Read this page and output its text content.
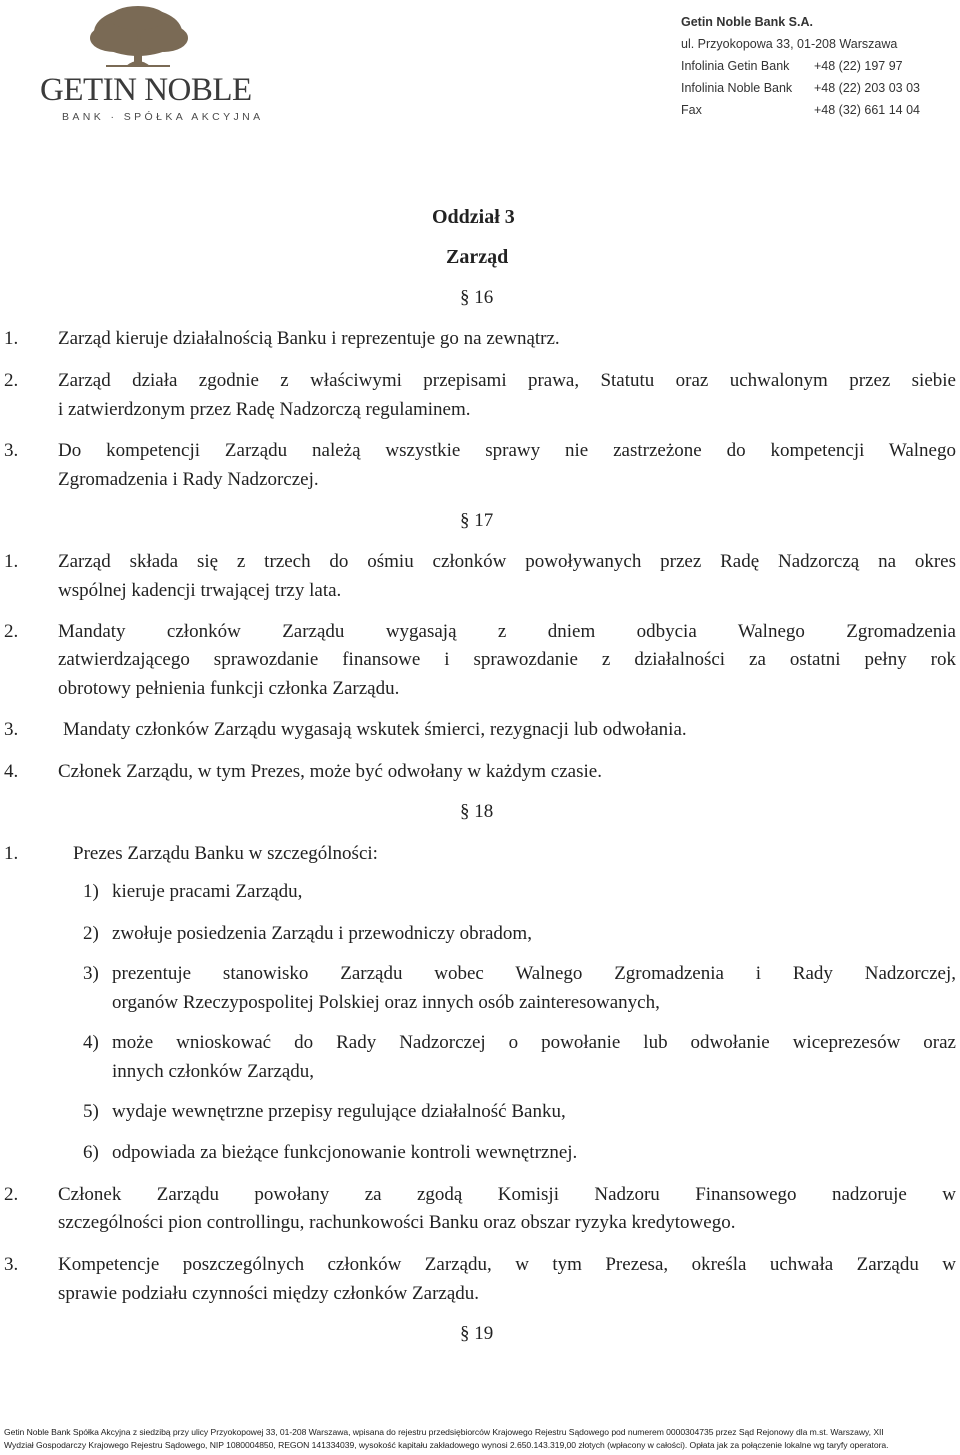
GETIN NOBLE
BANK · SPÓŁKA AKCYJNA
Getin Noble Bank S.A.
ul. Przyokopowa 33, 01-208 Warszawa
Infolinia Getin Bank +48 (22) 197 97
Infolinia Noble Bank +48 (22) 203 03 03
Fax	+48 (32) 661 14 04
Oddział 3
Zarząd
§ 16
1. Zarząd kieruje działalnością Banku i reprezentuje go na zewnątrz.
2. Zarząd działa zgodnie z właściwymi przepisami prawa, Statutu oraz uchwalonym przez siebie
i zatwierdzonym przez Radę Nadzorczą regulaminem.
3. Do kompetencji Zarządu należą wszystkie sprawy nie zastrzeżone do kompetencji Walnego
Zgromadzenia i Rady Nadzorczej.
§ 17
1. Zarząd składa się z trzech do ośmiu członków powoływanych przez Radę Nadzorczą na okres
wspólnej kadencji trwającej trzy lata.
2. Mandaty członków Zarządu wygasają z dniem odbycia Walnego Zgromadzenia
zatwierdzającego sprawozdanie finansowe i sprawozdanie z działalności za ostatni pełny rok
obrotowy pełnienia funkcji członka Zarządu.
3. Mandaty członków Zarządu wygasają wskutek śmierci, rezygnacji lub odwołania.
4. Członek Zarządu, w tym Prezes, może być odwołany w każdym czasie.
§ 18
1.	Prezes Zarządu Banku w szczególności:
1) kieruje pracami Zarządu,
2) zwołuje posiedzenia Zarządu i przewodniczy obradom,
3) prezentuje stanowisko Zarządu wobec Walnego Zgromadzenia i Rady Nadzorczej,
organów Rzeczypospolitej Polskiej oraz innych osób zainteresowanych,
4) może wnioskować do Rady Nadzorczej o powołanie lub odwołanie wiceprezesów oraz
innych członków Zarządu,
5) wydaje wewnętrzne przepisy regulujące działalność Banku,
6) odpowiada za bieżące funkcjonowanie kontroli wewnętrznej.
2. Członek Zarządu powołany za zgodą Komisji Nadzoru Finansowego nadzoruje w
szczególności pion controllingu, rachunkowości Banku oraz obszar ryzyka kredytowego.
3. Kompetencje poszczególnych członków Zarządu, w tym Prezesa, określa uchwała Zarządu w
sprawie podziału czynności między członków Zarządu.
§ 19
Getin Noble Bank Spółka Akcyjna z siedzibą przy ulicy Przyokopowej 33, 01-208 Warszawa, wpisana do rejestru przedsiębiorców Krajowego Rejestru Sądowego pod numerem 0000304735 przez Sąd Rejonowy dla m.st. Warszawy, XII
Wydział Gospodarczy Krajowego Rejestru Sądowego, NIP 1080004850, REGON 141334039, wysokość kapitału zakładowego wynosi 2.650.143.319,00 złotych (wpłacony w całości). Opłata jak za połączenie lokalne wg taryfy operatora.
